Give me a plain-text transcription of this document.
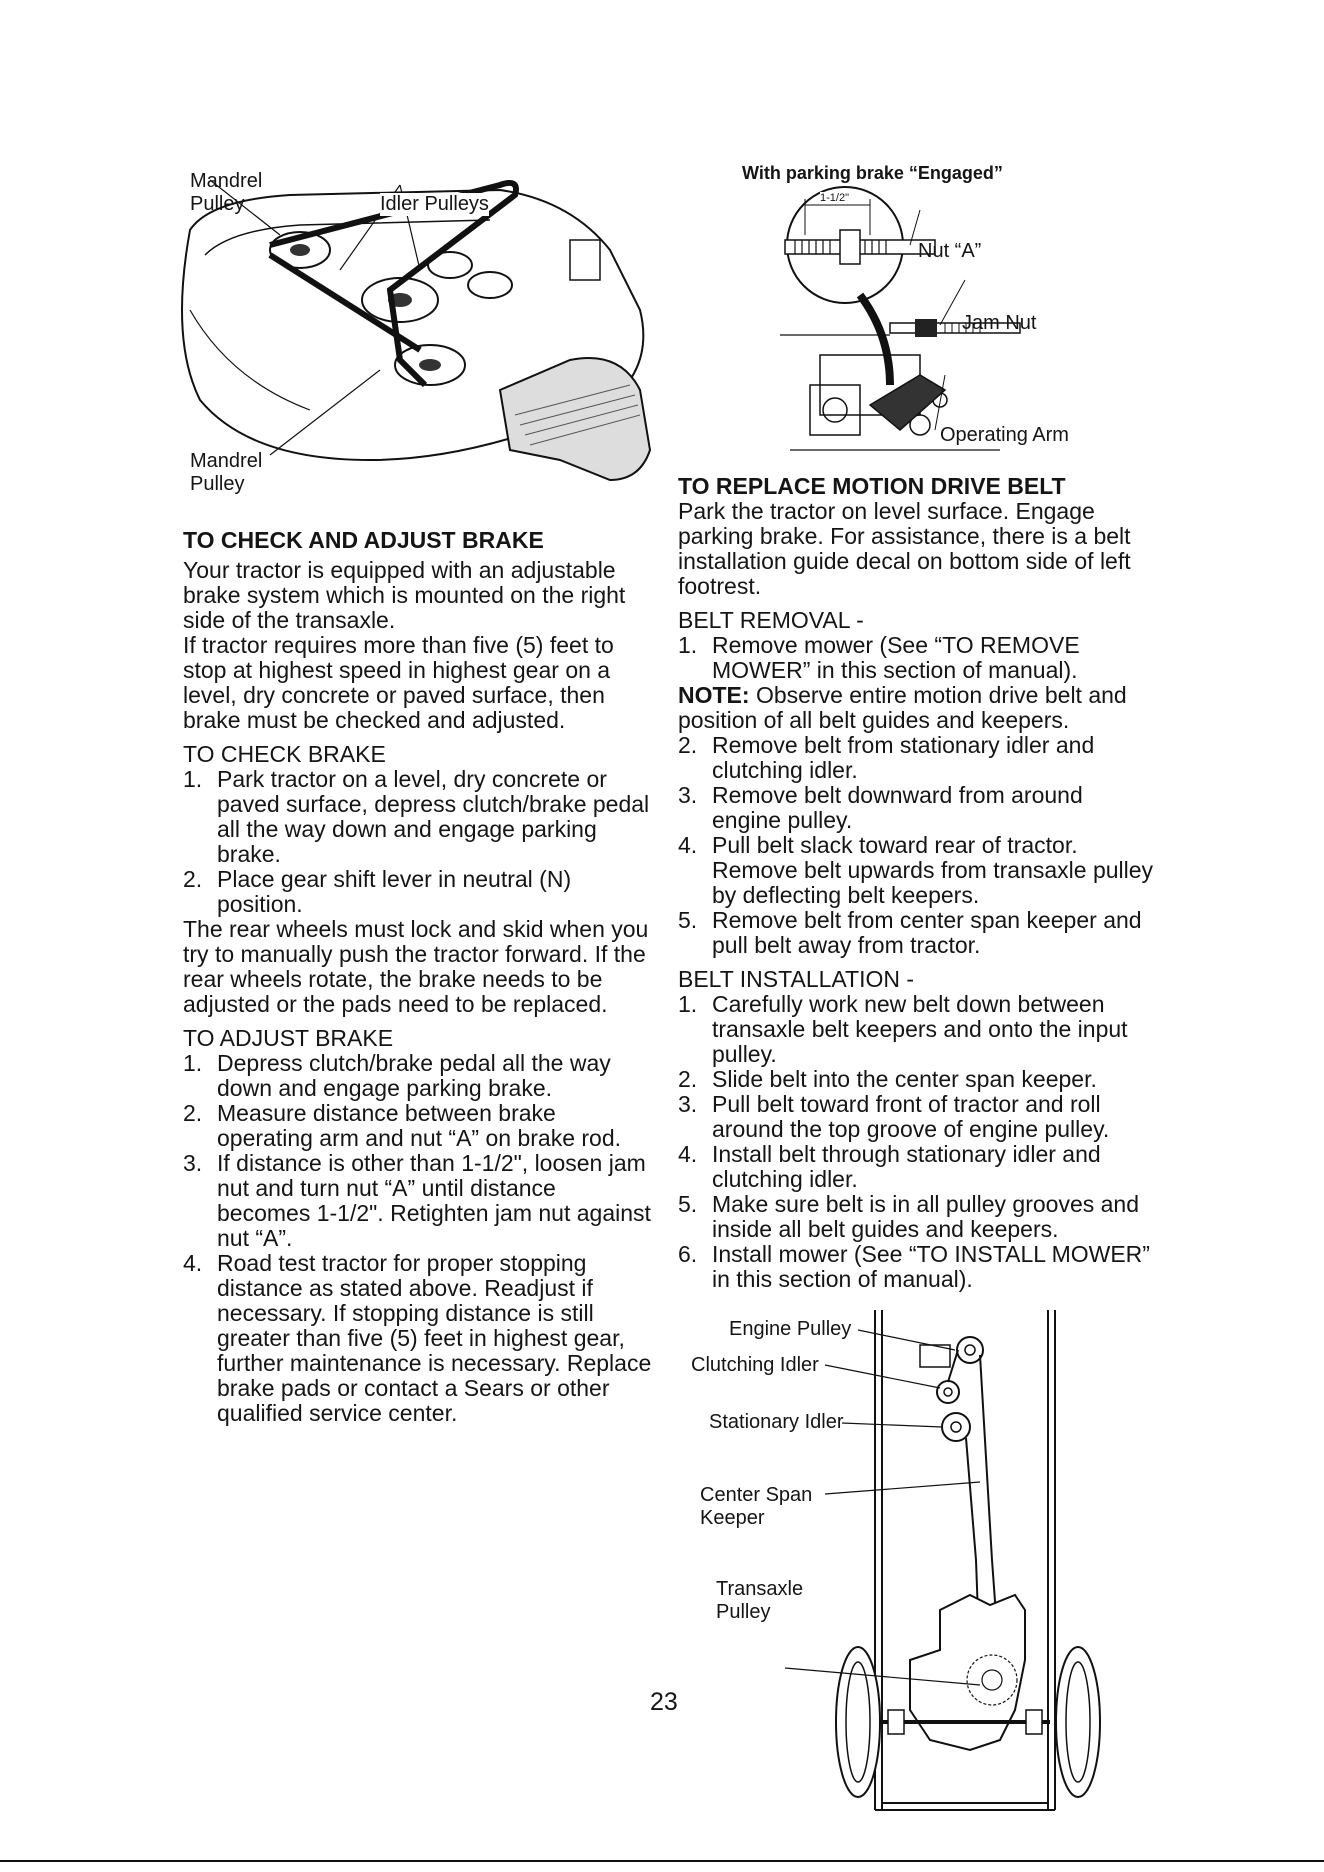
Mandrel
Pulley	Idler Pulleys
Mandrel
Pulley

TO CHECK AND ADJUST BRAKE

Your tractor is equipped with an adjustable brake system which is mounted on the right side of the transaxle.

If tractor requires more than five (5) feet to stop at highest speed in highest gear on a level, dry concrete or paved surface, then brake must be checked and adjusted.

TO CHECK BRAKE

1. Park tractor on a level, dry concrete or paved surface, depress clutch/brake pedal all the way down and engage parking brake.
2. Place gear shift lever in neutral (N) position.

The rear wheels must lock and skid when you try to manually push the tractor forward. If the rear wheels rotate, the brake needs to be adjusted or the pads need to be replaced.

TO ADJUST BRAKE

1. Depress clutch/brake pedal all the way down and engage parking brake.
2. Measure distance between brake operating arm and nut “A” on brake rod.
3. If distance is other than 1-1/2", loosen jam nut and turn nut “A” until distance becomes 1-1/2". Retighten jam nut against nut “A”.
4. Road test tractor for proper stopping distance as stated above. Readjust if necessary. If stopping distance is still greater than five (5) feet in highest gear, further maintenance is necessary. Replace brake pads or contact a Sears or other qualified service center.
With parking brake “Engaged”
1-1/2"
Nut “A”
Jam Nut
Operating Arm

TO REPLACE MOTION DRIVE BELT

Park the tractor on level surface. Engage parking brake. For assistance, there is a belt installation guide decal on bottom side of left footrest.

BELT REMOVAL -

1. Remove mower (See “TO REMOVE MOWER” in this section of manual).

NOTE: Observe entire motion drive belt and position of all belt guides and keepers.

2. Remove belt from stationary idler and clutching idler.
3. Remove belt downward from around engine pulley.
4. Pull belt slack toward rear of tractor. Remove belt upwards from transaxle pulley by deflecting belt keepers.
5. Remove belt from center span keeper and pull belt away from tractor.

BELT INSTALLATION -

1. Carefully work new belt down between transaxle belt keepers and onto the input pulley.
2. Slide belt into the center span keeper.
3. Pull belt toward front of tractor and roll around the top groove of engine pulley.
4. Install belt through stationary idler and clutching idler.
5. Make sure belt is in all pulley grooves and inside all belt guides and keepers.
6. Install mower (See “TO INSTALL MOWER” in this section of manual).
Engine Pulley
Clutching Idler
Stationary Idler
Center Span
Keeper
Transaxle
Pulley
23
